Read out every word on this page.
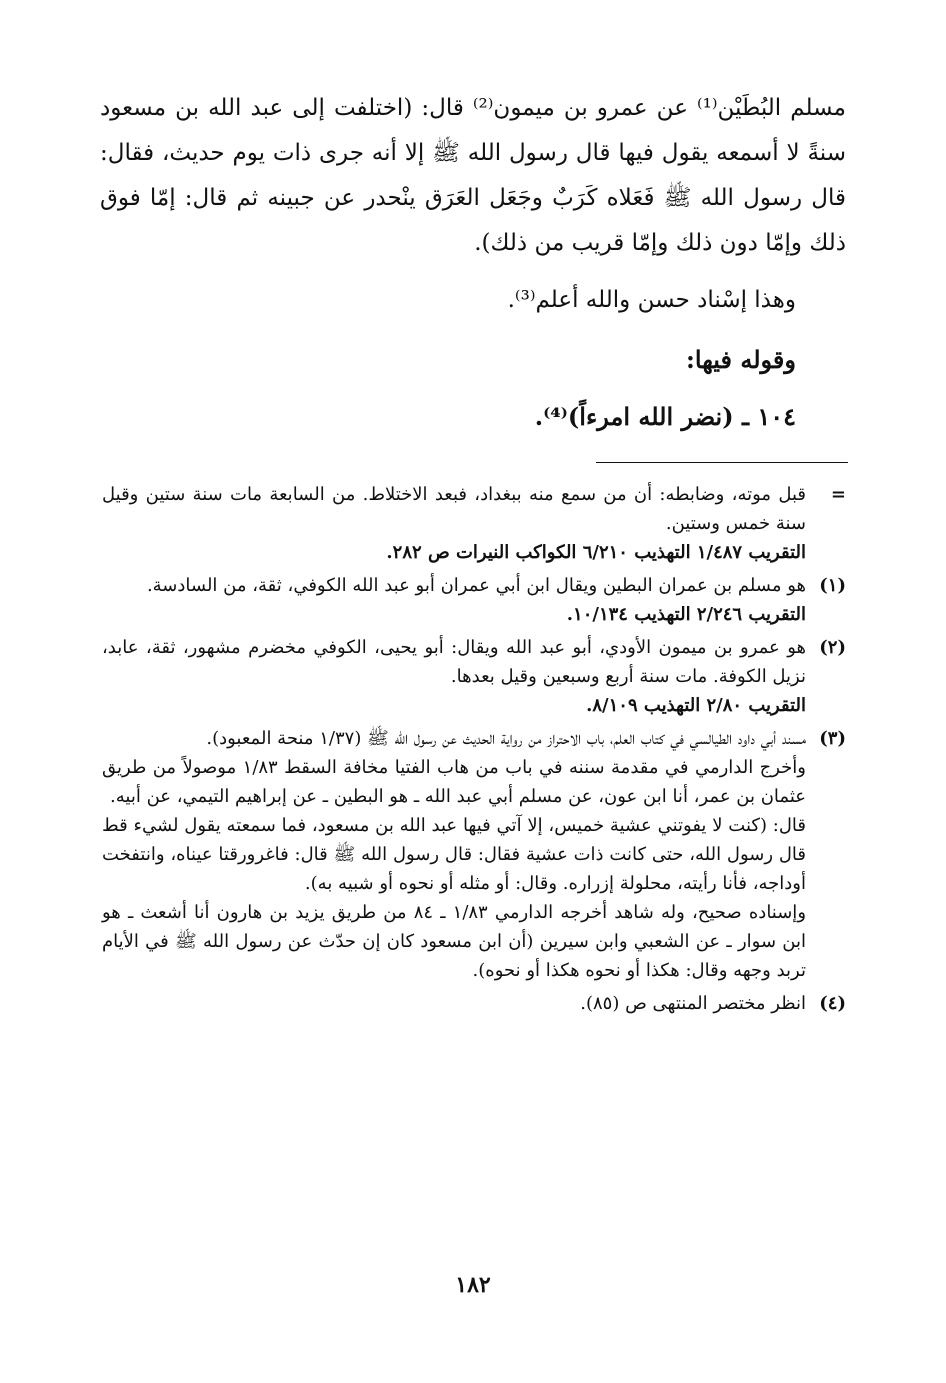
مسلم البُطَيْن⁽¹⁾ عن عمرو بن ميمون⁽²⁾ قال: (اختلفت إلى عبد الله بن مسعود سنةً لا أسمعه يقول فيها قال رسول الله ﷺ إلا أنه جرى ذات يوم حديث، فقال: قال رسول الله ﷺ فَعَلاه كَرَبٌ وجَعَل العَرَق ينْحدر عن جبينه ثم قال: إمّا فوق ذلك وإمّا دون ذلك وإمّا قريب من ذلك).

وهذا إسْناد حسن والله أعلم⁽³⁾.

وقوله فيها:

١٠٤ ـ (نضر الله امرءاً)⁽⁴⁾.

=

قبل موته، وضابطه: أن من سمع منه ببغداد، فبعد الاختلاط. من السابعة مات سنة ستين وقيل سنة خمس وستين.

التقريب ١/٤٨٧ التهذيب ٦/٢١٠ الكواكب النيرات ص ٢٨٢.

(١)

هو مسلم بن عمران البطين ويقال ابن أبي عمران أبو عبد الله الكوفي، ثقة، من السادسة.

التقريب ٢/٢٤٦ التهذيب ١٠/١٣٤.

(٢)

هو عمرو بن ميمون الأودي، أبو عبد الله ويقال: أبو يحيى، الكوفي مخضرم مشهور، ثقة، عابد، نزيل الكوفة. مات سنة أربع وسبعين وقيل بعدها.

التقريب ٢/٨٠ التهذيب ٨/١٠٩.

(٣)

مسند أبي داود الطيالسي في كتاب العلم، باب الاحتراز من رواية الحديث عن رسول الله ﷺ (١/٣٧ منحة المعبود).

وأخرج الدارمي في مقدمة سننه في باب من هاب الفتيا مخافة السقط ١/٨٣ موصولاً من طريق عثمان بن عمر، أنا ابن عون، عن مسلم أبي عبد الله ـ هو البطين ـ عن إبراهيم التيمي، عن أبيه.

قال: (كنت لا يفوتني عشية خميس، إلا آتي فيها عبد الله بن مسعود، فما سمعته يقول لشيء قط قال رسول الله، حتى كانت ذات عشية فقال: قال رسول الله ﷺ قال: فاغرورقتا عيناه، وانتفخت أوداجه، فأنا رأيته، محلولة إزراره. وقال: أو مثله أو نحوه أو شبيه به).

وإسناده صحيح، وله شاهد أخرجه الدارمي ١/٨٣ ـ ٨٤ من طريق يزيد بن هارون أنا أشعث ـ هو ابن سوار ـ عن الشعبي وابن سيرين (أن ابن مسعود كان إن حدّث عن رسول الله ﷺ في الأيام تربد وجهه وقال: هكذا أو نحوه هكذا أو نحوه).

(٤)

انظر مختصر المنتهى ص (٨٥).

١٨٢
